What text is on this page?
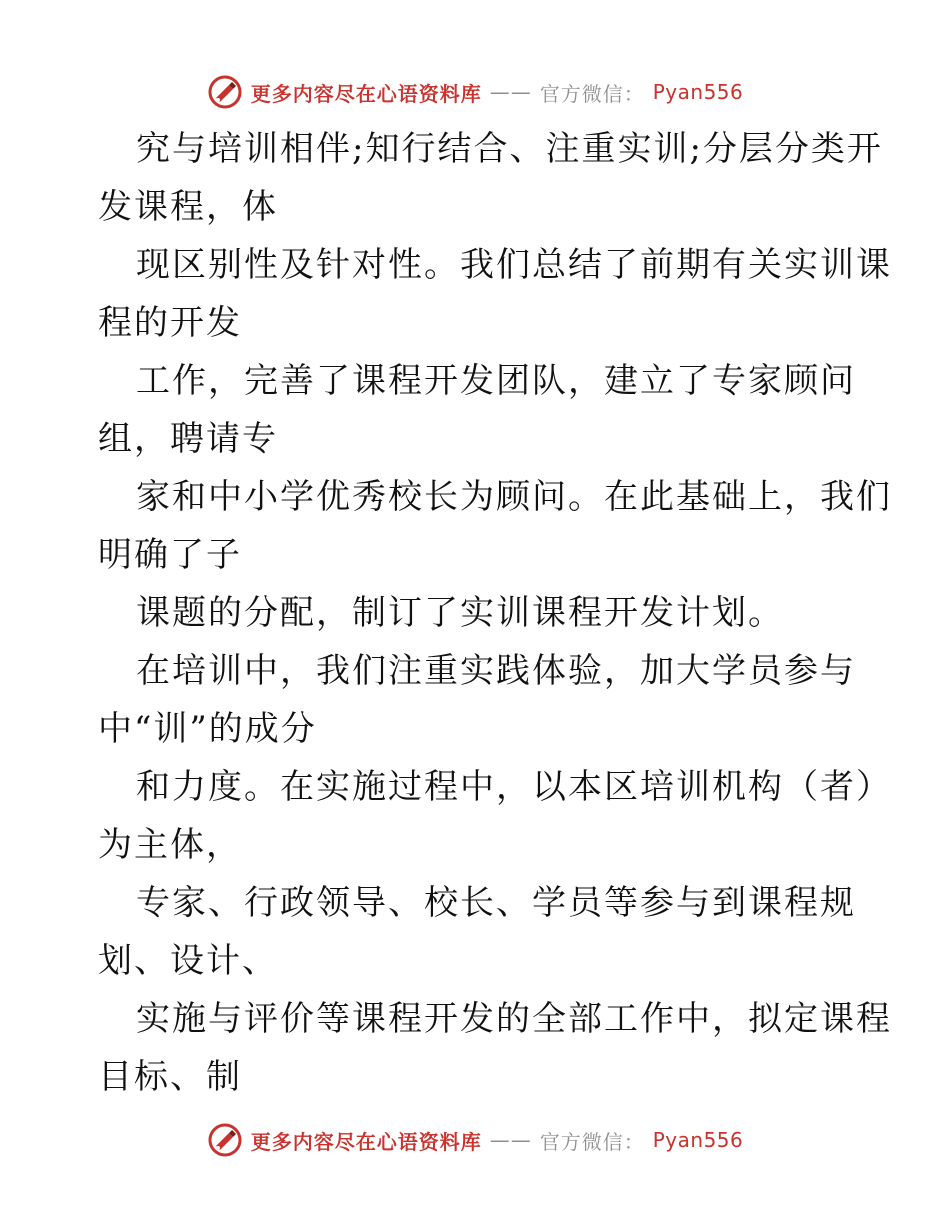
更多内容尽在心语资料库 —— 官方微信： Pyan556
究与培训相伴;知行结合、注重实训;分层分类开
发课程，体
现区别性及针对性。我们总结了前期有关实训课
程的开发
工作，完善了课程开发团队，建立了专家顾问
组，聘请专
家和中小学优秀校长为顾问。在此基础上，我们
明确了子
课题的分配，制订了实训课程开发计划。
在培训中，我们注重实践体验，加大学员参与
中“训”的成分
和力度。在实施过程中，以本区培训机构（者）
为主体，
专家、行政领导、校长、学员等参与到课程规
划、设计、
实施与评价等课程开发的全部工作中，拟定课程
目标、制
更多内容尽在心语资料库 —— 官方微信： Pyan556
